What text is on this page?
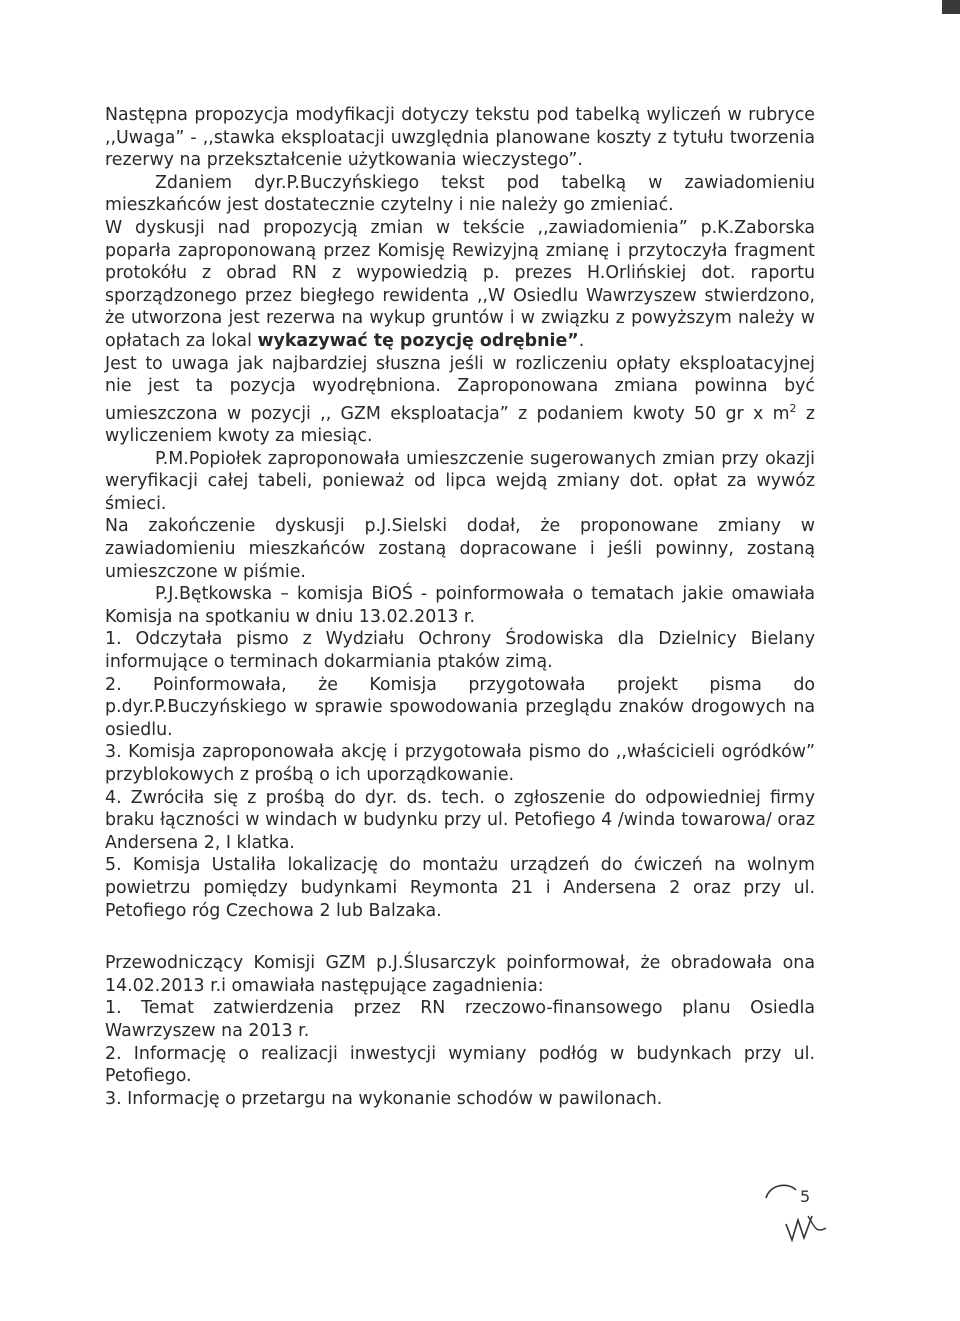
Następna propozycja modyfikacji dotyczy tekstu pod tabelką wyliczeń w rubryce ,,Uwaga” - ,,stawka eksploatacji uwzględnia planowane koszty z tytułu tworzenia rezerwy na przekształcenie użytkowania wieczystego”.

Zdaniem dyr.P.Buczyńskiego tekst pod tabelką w zawiadomieniu mieszkańców jest dostatecznie czytelny i nie należy go zmieniać.

W dyskusji nad propozycją zmian w tekście ,,zawiadomienia” p.K.Zaborska poparła zaproponowaną przez Komisję Rewizyjną zmianę i przytoczyła fragment protokółu z obrad RN z wypowiedzią p. prezes H.Orlińskiej dot. raportu sporządzonego przez biegłego rewidenta ,,W Osiedlu Wawrzyszew stwierdzono, że utworzona jest rezerwa na wykup gruntów i w związku z powyższym należy w opłatach za lokal wykazywać tę pozycję odrębnie”.

Jest to uwaga jak najbardziej słuszna jeśli w rozliczeniu opłaty eksploatacyjnej nie jest ta pozycja wyodrębniona. Zaproponowana zmiana powinna być umieszczona w pozycji ,, GZM eksploatacja” z podaniem kwoty 50 gr x $m^2$ z wyliczeniem kwoty za miesiąc.

P.M.Popiołek zaproponowała umieszczenie sugerowanych zmian przy okazji weryfikacji całej tabeli, ponieważ od lipca wejdą zmiany dot. opłat za wywóz śmieci.

Na zakończenie dyskusji p.J.Sielski dodał, że proponowane zmiany w zawiadomieniu mieszkańców zostaną dopracowane i jeśli powinny, zostaną umieszczone w piśmie.

P.J.Bętkowska – komisja BiOŚ - poinformowała o tematach jakie omawiała Komisja na spotkaniu w dniu 13.02.2013 r.

1. Odczytała pismo z Wydziału Ochrony Środowiska dla Dzielnicy Bielany informujące o terminach dokarmiania ptaków zimą.

2. Poinformowała, że Komisja przygotowała projekt pisma do p.dyr.P.Buczyńskiego w sprawie spowodowania przeglądu znaków drogowych na osiedlu.

3. Komisja zaproponowała akcję i przygotowała pismo do ,,właścicieli ogródków” przyblokowych z prośbą o ich uporządkowanie.

4. Zwróciła się z prośbą do dyr. ds. tech. o zgłoszenie do odpowiedniej firmy braku łączności w windach w budynku przy ul. Petofiego 4 /winda towarowa/ oraz Andersena 2, I klatka.

5. Komisja Ustaliła lokalizację do montażu urządzeń do ćwiczeń na wolnym powietrzu pomiędzy budynkami Reymonta 21 i Andersena 2 oraz przy ul. Petofiego róg Czechowa 2 lub Balzaka.

Przewodniczący Komisji GZM p.J.Ślusarczyk poinformował, że obradowała ona 14.02.2013 r.i omawiała następujące zagadnienia:

1. Temat zatwierdzenia przez RN rzeczowo-finansowego planu Osiedla Wawrzyszew na 2013 r.

2. Informację o realizacji inwestycji wymiany podłóg w budynkach przy ul. Petofiego.

3. Informację o przetargu na wykonanie schodów w pawilonach.

5
